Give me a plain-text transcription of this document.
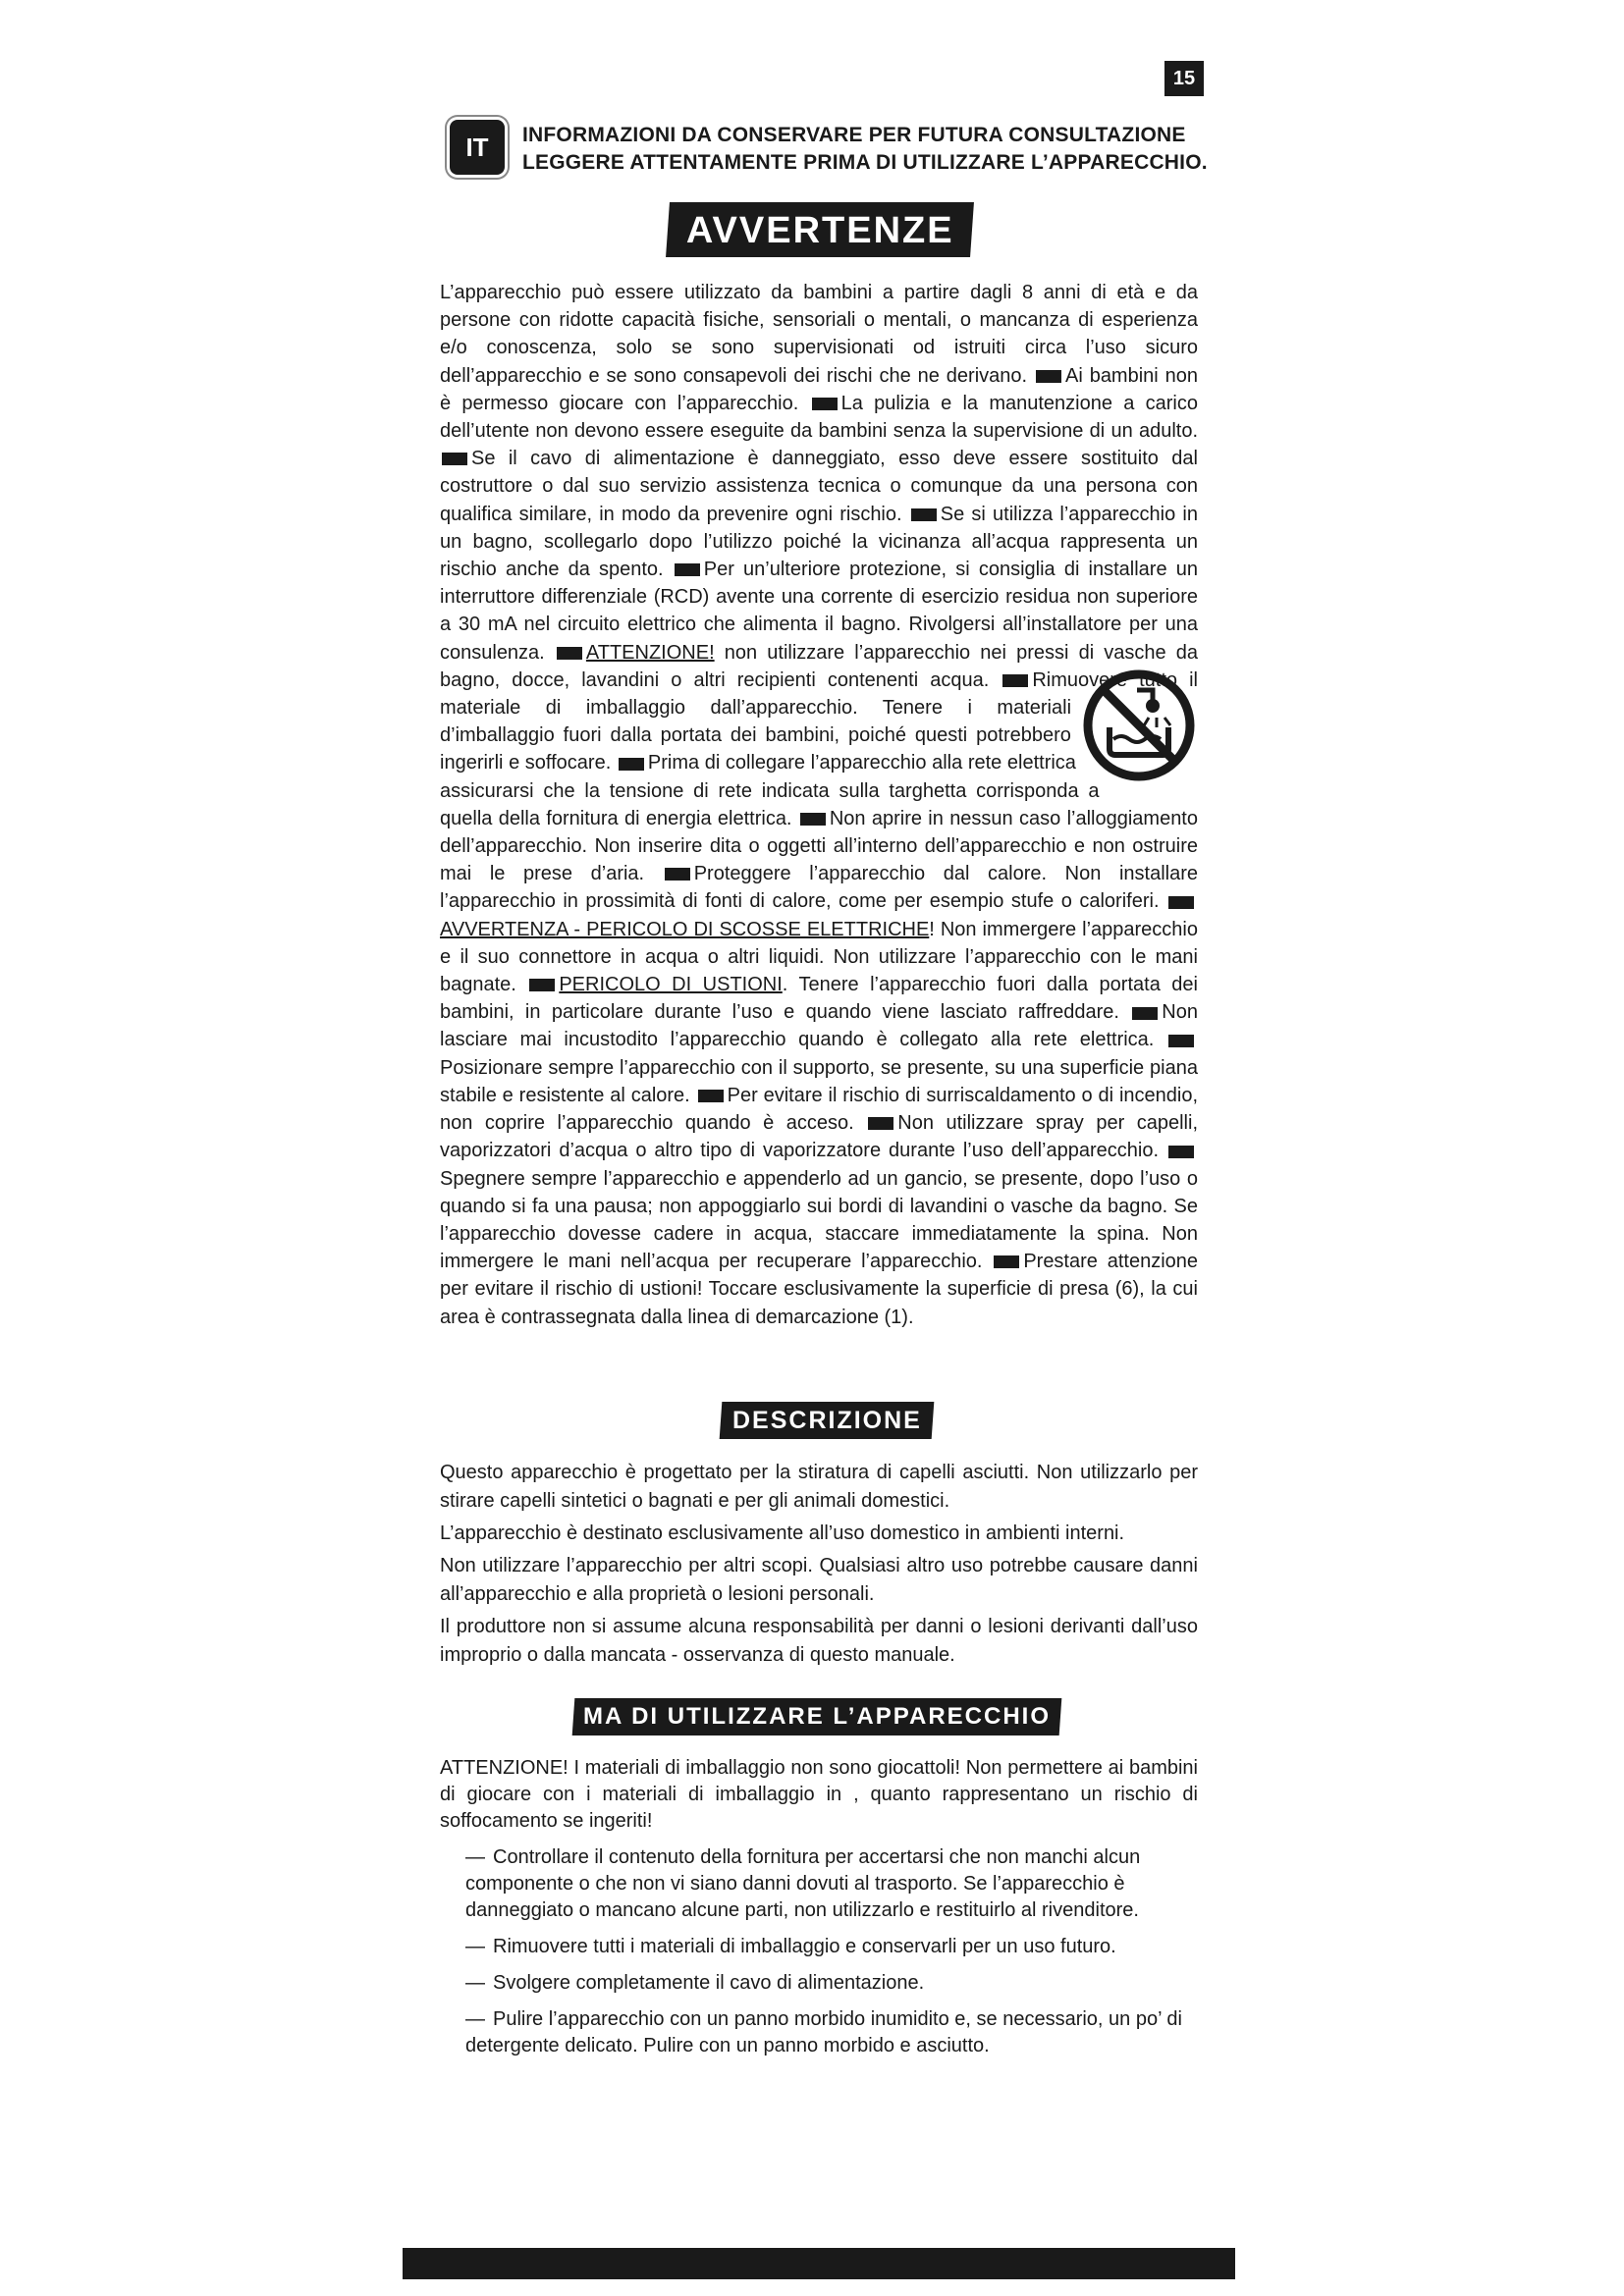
15
IT	INFORMAZIONI DA CONSERVARE PER FUTURA CONSULTAZIONE
LEGGERE ATTENTAMENTE PRIMA DI UTILIZZARE L’APPARECCHIO.
AVVERTENZE
L’apparecchio può essere utilizzato da bambini a partire dagli 8 anni di età e da persone con ridotte capacità fisiche, sensoriali o mentali, o mancanza di esperienza e/o conoscenza, solo se sono supervisionati od istruiti circa l’uso sicuro dell’apparecchio e se sono consapevoli dei rischi che ne derivano. Ai bambini non è permesso giocare con l’apparecchio. La pulizia e la manutenzione a carico dell’utente non devono essere eseguite da bambini senza la supervisione di un adulto. Se il cavo di alimentazione è danneggiato, esso deve essere sostituito dal costruttore o dal suo servizio assistenza tecnica o comunque da una persona con qualifica similare, in modo da prevenire ogni rischio. Se si utilizza l’apparecchio in un bagno, scollegarlo dopo l’utilizzo poiché la vicinanza all’acqua rappresenta un rischio anche da spento. Per un’ulteriore protezione, si consiglia di installare un interruttore differenziale (RCD) avente una corrente di esercizio residua non superiore a 30 mA nel circuito elettrico che alimenta il bagno. Rivolgersi all’installatore per una consulenza. ATTENZIONE! non utilizzare l’apparecchio nei pressi di vasche da bagno, docce, lavandini o altri recipienti contenenti acqua. Rimuovere tutto il materiale di imballaggio dall’apparecchio. Tenere i materiali d’imballaggio fuori dalla portata dei bambini, poiché questi potrebbero ingerirli e soffocare. Prima di collegare l’apparecchio alla rete elettrica assicurarsi che la tensione di rete indicata sulla targhetta corrisponda a quella della fornitura di energia elettrica. Non aprire in nessun caso l’alloggiamento dell’apparecchio. Non inserire dita o oggetti all’interno dell’apparecchio e non ostruire mai le prese d’aria.	Proteggere l’apparecchio dal calore. Non installare l’apparecchio in prossimità di fonti di calore, come per esempio stufe o caloriferi. AVVERTENZA - PERICOLO DI SCOSSE ELETTRICHE! Non immergere l’apparecchio e il suo connettore in acqua o altri liquidi. Non utilizzare l’apparecchio con le mani bagnate. PERICOLO DI USTIONI. Tenere l’apparecchio fuori dalla portata dei bambini, in particolare durante l’uso e quando viene lasciato raffreddare. Non lasciare mai incustodito l’apparecchio quando è collegato alla rete elettrica. Posizionare sempre l’apparecchio con il supporto, se presente, su una superficie piana stabile e resistente al calore. Per evitare il rischio di surriscaldamento o di incendio, non coprire l’apparecchio quando è acceso. Non utilizzare spray per capelli, vaporizzatori d’acqua o altro tipo di vaporizzatore durante l’uso dell’apparecchio. Spegnere sempre l’apparecchio e appenderlo ad un gancio, se presente, dopo l’uso o quando si fa una pausa; non appoggiarlo sui bordi di lavandini o vasche da bagno. Se l’apparecchio dovesse cadere in acqua, staccare immediatamente la spina. Non immergere le mani nell’acqua per recuperare l’apparecchio. Prestare attenzione per evitare il rischio di ustioni! Toccare esclusivamente la superficie di presa (6), la cui area è contrassegnata dalla linea di demarcazione (1).
DESCRIZIONE

Questo apparecchio è progettato per la stiratura di capelli asciutti. Non utilizzarlo per stirare capelli sintetici o bagnati e per gli animali domestici.

L’apparecchio è destinato esclusivamente all’uso domestico in ambienti interni.

Non utilizzare l’apparecchio per altri scopi. Qualsiasi altro uso potrebbe causare danni all’apparecchio e alla proprietà o lesioni personali.

Il produttore non si assume alcuna responsabilità per danni o lesioni derivanti dall’uso improprio o dalla mancata - osservanza di questo manuale.

MA DI UTILIZZARE L’APPARECCHIO

ATTENZIONE! I materiali di imballaggio non sono giocattoli! Non permettere ai bambini di giocare con i materiali di imballaggio in , quanto rappresentano un rischio di soffocamento se ingeriti!

— Controllare il contenuto della fornitura per accertarsi che non manchi alcun componente o che non vi siano danni dovuti al trasporto. Se l’apparecchio è danneggiato o mancano alcune parti, non utilizzarlo e restituirlo al rivenditore.
— Rimuovere tutti i materiali di imballaggio e conservarli per un uso futuro.
— Svolgere completamente il cavo di alimentazione.
— Pulire l’apparecchio con un panno morbido inumidito e, se necessario, un po’ di detergente delicato. Pulire con un panno morbido e asciutto.
